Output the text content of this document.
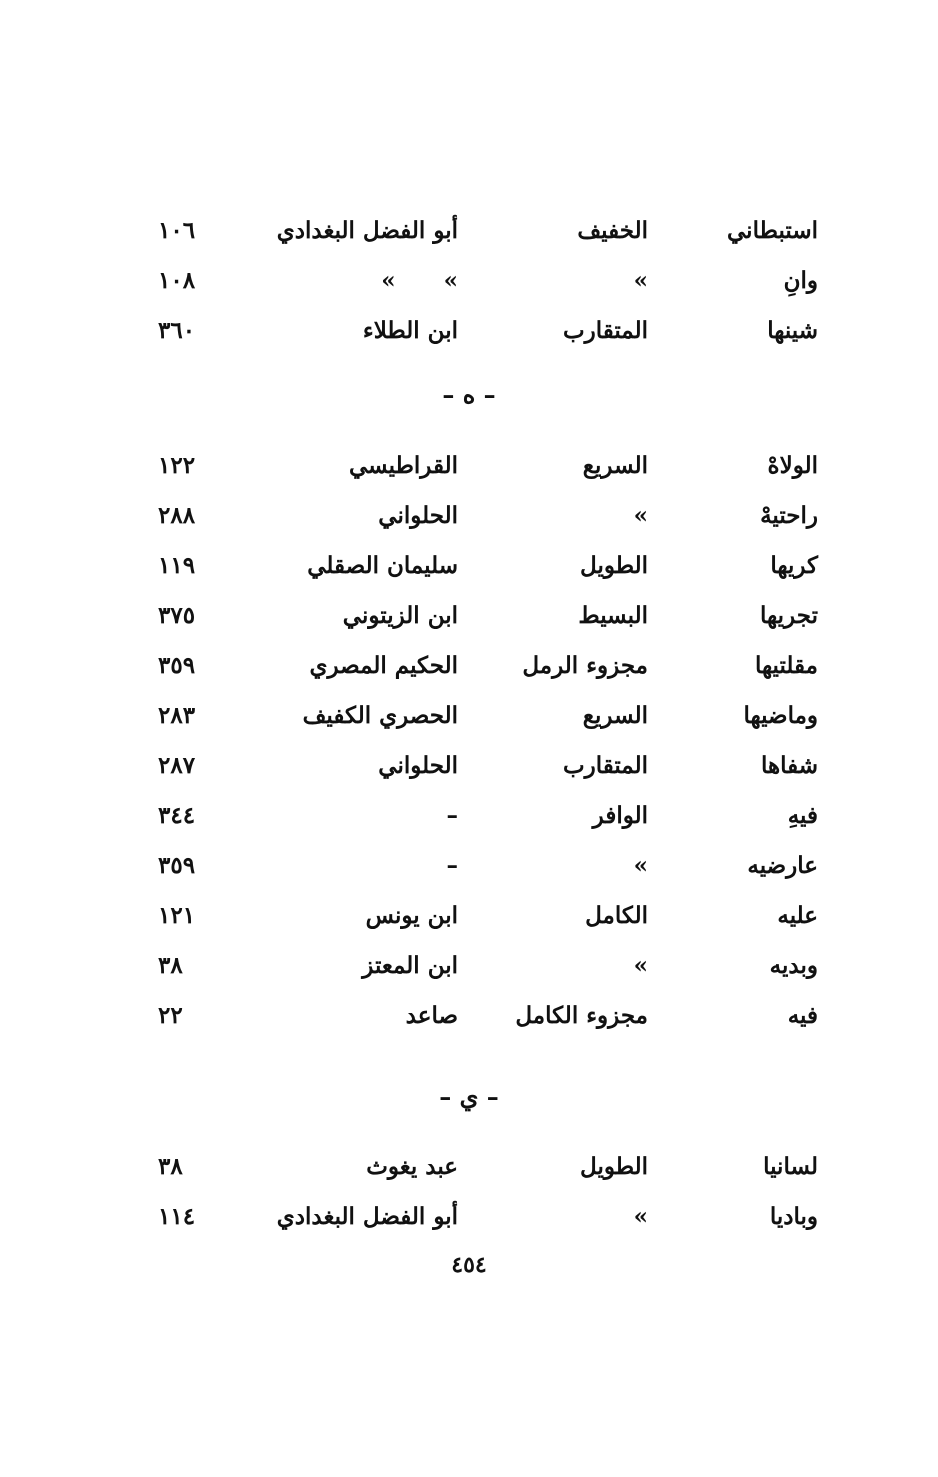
استبطاني
الخفيف
أبو الفضل البغدادي
١٠٦
وانِ
»
»      »
١٠٨
شينها
المتقارب
ابن الطلاء
٣٦٠
– ه –
الولاهْ
السريع
القراطيسي
١٢٢
راحتيهْ
»
الحلواني
٢٨٨
كريها
الطويل
سليمان الصقلي
١١٩
تجريها
البسيط
ابن الزيتوني
٣٧٥
مقلتيها
مجزوء الرمل
الحكيم المصري
٣٥٩
وماضيها
السريع
الحصري الكفيف
٢٨٣
شفاها
المتقارب
الحلواني
٢٨٧
فيهِ
الوافر
–
٣٤٤
عارضيه
»
–
٣٥٩
عليه
الكامل
ابن يونس
١٢١
وبديه
»
ابن المعتز
٣٨
فيه
مجزوء الكامل
صاعد
٢٢
– ي –
لسانيا
الطويل
عبد يغوث
٣٨
وباديا
»
أبو الفضل البغدادي
١١٤
٤٥٤
